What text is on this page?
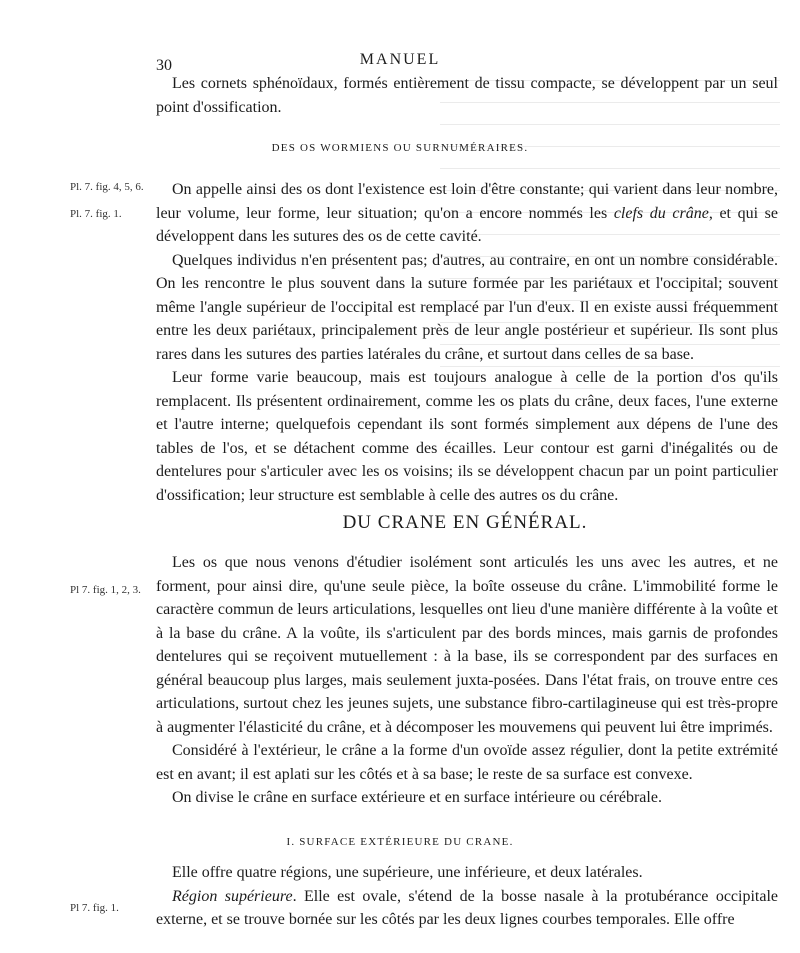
30	MANUEL

Les cornets sphénoïdaux, formés entièrement de tissu compacte, se développent par un seul point d'ossification.

DES OS WORMIENS OU SURNUMÉRAIRES.
Pl. 7. fig. 4, 5, 6.
Pl. 7. fig. 1.

On appelle ainsi des os dont l'existence est loin d'être constante; qui varient dans leur nombre, leur volume, leur forme, leur situation; qu'on a encore nommés les clefs du crâne, et qui se développent dans les sutures des os de cette cavité.

Quelques individus n'en présentent pas; d'autres, au contraire, en ont un nombre considérable. On les rencontre le plus souvent dans la suture formée par les pariétaux et l'occipital; souvent même l'angle supérieur de l'occipital est remplacé par l'un d'eux. Il en existe aussi fréquemment entre les deux pariétaux, principalement près de leur angle postérieur et supérieur. Ils sont plus rares dans les sutures des parties latérales du crâne, et surtout dans celles de sa base.

Leur forme varie beaucoup, mais est toujours analogue à celle de la portion d'os qu'ils remplacent. Ils présentent ordinairement, comme les os plats du crâne, deux faces, l'une externe et l'autre interne; quelquefois cependant ils sont formés simplement aux dépens de l'une des tables de l'os, et se détachent comme des écailles. Leur contour est garni d'inégalités ou de dentelures pour s'articuler avec les os voisins; ils se développent chacun par un point particulier d'ossification; leur structure est semblable à celle des autres os du crâne.

DU CRANE EN GÉNÉRAL.
Pl 7. fig. 1, 2, 3.

Les os que nous venons d'étudier isolément sont articulés les uns avec les autres, et ne forment, pour ainsi dire, qu'une seule pièce, la boîte osseuse du crâne. L'immobilité forme le caractère commun de leurs articulations, lesquelles ont lieu d'une manière différente à la voûte et à la base du crâne. A la voûte, ils s'articulent par des bords minces, mais garnis de profondes dentelures qui se reçoivent mutuellement : à la base, ils se correspondent par des surfaces en général beaucoup plus larges, mais seulement juxta-posées. Dans l'état frais, on trouve entre ces articulations, surtout chez les jeunes sujets, une substance fibro-cartilagineuse qui est très-propre à augmenter l'élasticité du crâne, et à décomposer les mouvemens qui peuvent lui être imprimés.

Considéré à l'extérieur, le crâne a la forme d'un ovoïde assez régulier, dont la petite extrémité est en avant; il est aplati sur les côtés et à sa base; le reste de sa surface est convexe.

On divise le crâne en surface extérieure et en surface intérieure ou cérébrale.

I. SURFACE EXTÉRIEURE DU CRANE.
Pl 7. fig. 1.

Elle offre quatre régions, une supérieure, une inférieure, et deux latérales.

Région supérieure. Elle est ovale, s'étend de la bosse nasale à la protubérance occipitale externe, et se trouve bornée sur les côtés par les deux lignes courbes temporales. Elle offre
